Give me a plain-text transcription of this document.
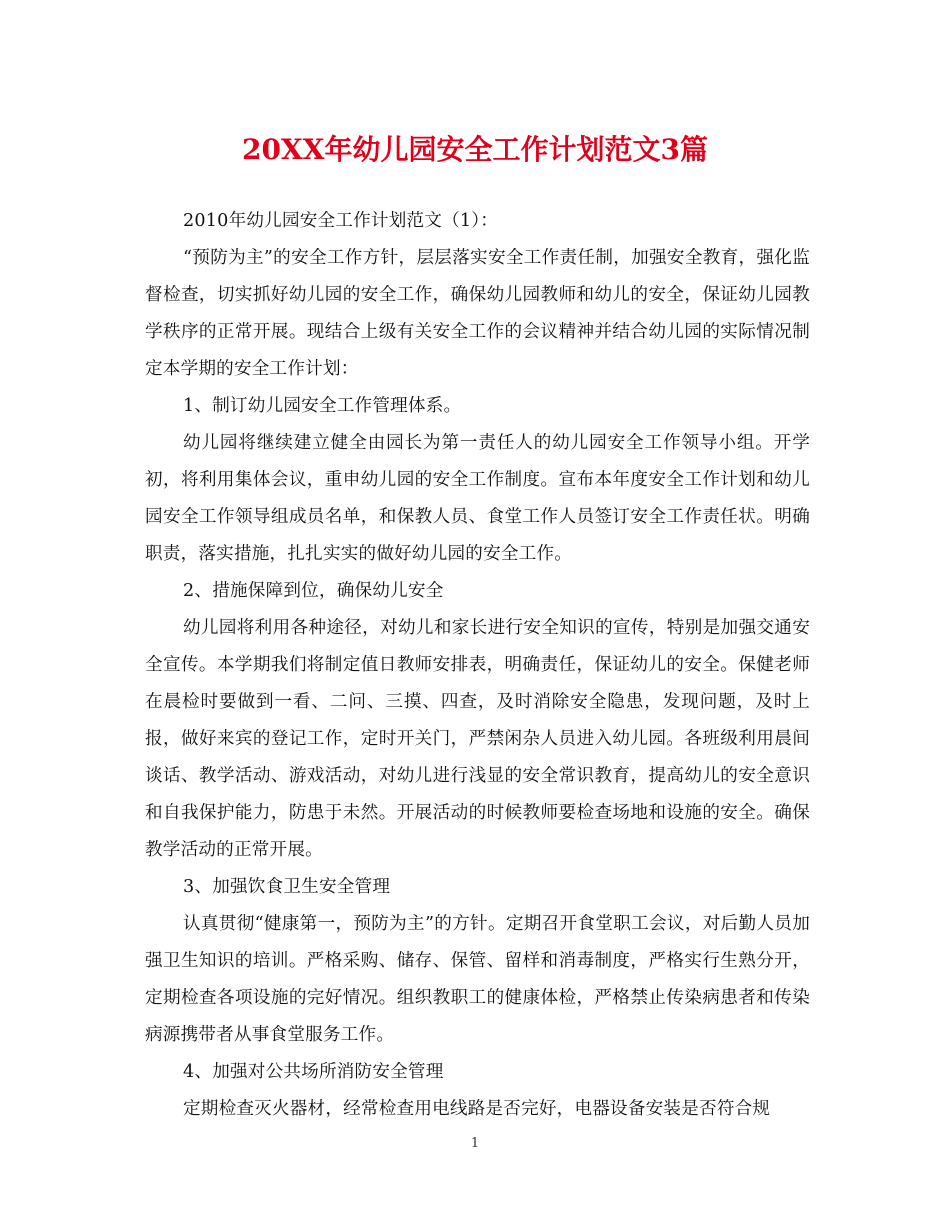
20XX年幼儿园安全工作计划范文3篇

2010年幼儿园安全工作计划范文（1）：

“预防为主”的安全工作方针，层层落实安全工作责任制，加强安全教育，强化监督检查，切实抓好幼儿园的安全工作，确保幼儿园教师和幼儿的安全，保证幼儿园教学秩序的正常开展。现结合上级有关安全工作的会议精神并结合幼儿园的实际情况制定本学期的安全工作计划：

1、制订幼儿园安全工作管理体系。

幼儿园将继续建立健全由园长为第一责任人的幼儿园安全工作领导小组。开学初，将利用集体会议，重申幼儿园的安全工作制度。宣布本年度安全工作计划和幼儿园安全工作领导组成员名单，和保教人员、食堂工作人员签订安全工作责任状。明确职责，落实措施，扎扎实实的做好幼儿园的安全工作。

2、措施保障到位，确保幼儿安全

幼儿园将利用各种途径，对幼儿和家长进行安全知识的宣传，特别是加强交通安全宣传。本学期我们将制定值日教师安排表，明确责任，保证幼儿的安全。保健老师在晨检时要做到一看、二问、三摸、四查，及时消除安全隐患，发现问题，及时上报，做好来宾的登记工作，定时开关门，严禁闲杂人员进入幼儿园。各班级利用晨间谈话、教学活动、游戏活动，对幼儿进行浅显的安全常识教育，提高幼儿的安全意识和自我保护能力，防患于未然。开展活动的时候教师要检查场地和设施的安全。确保教学活动的正常开展。

3、加强饮食卫生安全管理

认真贯彻“健康第一，预防为主”的方针。定期召开食堂职工会议，对后勤人员加强卫生知识的培训。严格采购、储存、保管、留样和消毒制度，严格实行生熟分开，定期检查各项设施的完好情况。组织教职工的健康体检，严格禁止传染病患者和传染病源携带者从事食堂服务工作。

4、加强对公共场所消防安全管理

定期检查灭火器材，经常检查用电线路是否完好，电器设备安装是否符合规

1
